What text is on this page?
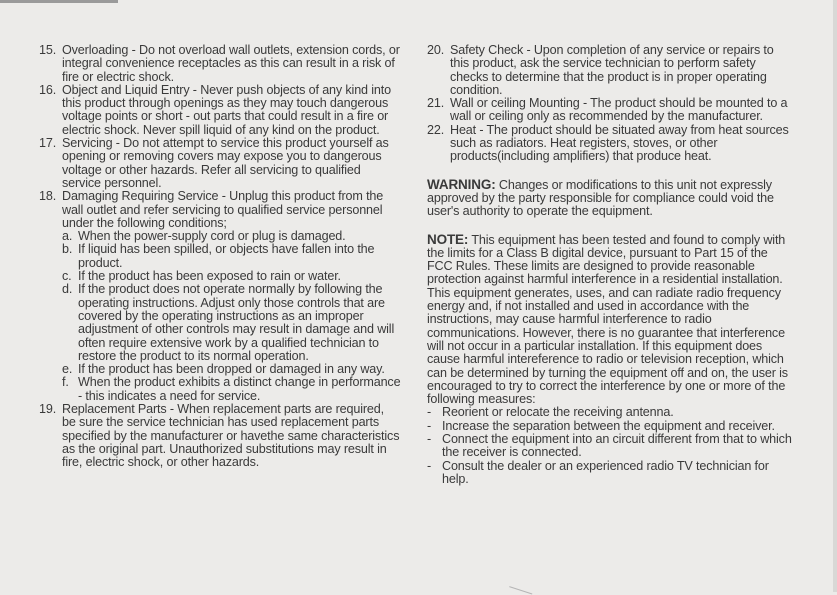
15. Overloading - Do not overload wall outlets, extension cords, or integral convenience receptacles as this can result in a risk of fire or electric shock.
16. Object and Liquid Entry - Never push objects of any kind into this product through openings as they may touch dangerous voltage points or short - out parts that could result in a fire or electric shock. Never spill liquid of any kind on the product.
17. Servicing - Do not attempt to service this product yourself as opening or removing covers may expose you to dangerous voltage or other hazards. Refer all servicing to qualified service personnel.
18. Damaging Requiring Service - Unplug this product from the wall outlet and refer servicing to qualified service personnel under the following conditions;
a. When the power-supply cord or plug is damaged.
b. If liquid has been spilled, or objects have fallen into the product.
c. If the product has been exposed to rain or water.
d. If the product does not operate normally by following the operating instructions. Adjust only those controls that are covered by the operating instructions as an improper adjustment of other controls may result in damage and will often require extensive work by a qualified technician to restore the product to its normal operation.
e. If the product has been dropped or damaged in any way.
f. When the product exhibits a distinct change in performance - this indicates a need for service.
19. Replacement Parts - When replacement parts are required, be sure the service technician has used replacement parts specified by the manufacturer or havethe same characteristics as the original part. Unauthorized substitutions may result in fire, electric shock, or other hazards.
20. Safety Check - Upon completion of any service or repairs to this product, ask the service technician to perform safety checks to determine that the product is in proper operating condition.
21. Wall or ceiling Mounting - The product should be mounted to a wall or ceiling only as recommended by the manufacturer.
22. Heat - The product should be situated away from heat sources such as radiators. Heat registers, stoves, or other products(including amplifiers) that produce heat.
WARNING: Changes or modifications to this unit not expressly approved by the party responsible for compliance could void the user's authority to operate the equipment.
NOTE: This equipment has been tested and found to comply with the limits for a Class B digital device, pursuant to Part 15 of the FCC Rules. These limits are designed to provide reasonable protection against harmful interference in a residential installation. This equipment generates, uses, and can radiate radio frequency energy and, if not installed and used in accordance with the instructions, may cause harmful interference to radio communications. However, there is no guarantee that interference will not occur in a particular installation. If this equipment does cause harmful intereference to radio or television reception, which can be determined by turning the equipment off and on, the user is encouraged to try to correct the interference by one or more of the following measures:
- Reorient or relocate the receiving antenna.
- Increase the separation between the equipment and receiver.
- Connect the equipment into an circuit different from that to which the receiver is connected.
- Consult the dealer or an experienced radio TV technician for help.
